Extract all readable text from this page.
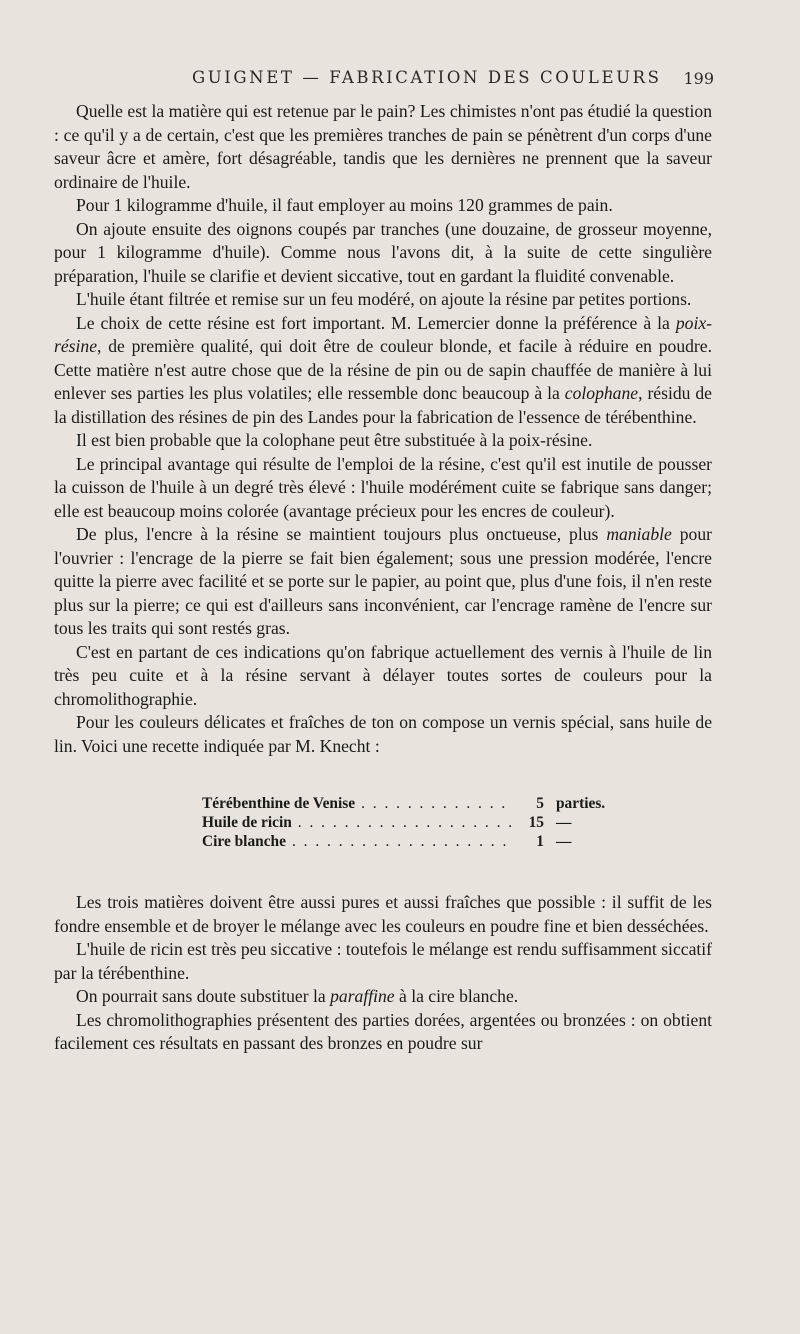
GUIGNET — FABRICATION DES COULEURS 199

Quelle est la matière qui est retenue par le pain? Les chimistes n'ont pas étudié la question : ce qu'il y a de certain, c'est que les premières tranches de pain se pénètrent d'un corps d'une saveur âcre et amère, fort désagréable, tandis que les dernières ne prennent que la saveur ordinaire de l'huile.

Pour 1 kilogramme d'huile, il faut employer au moins 120 grammes de pain.

On ajoute ensuite des oignons coupés par tranches (une douzaine, de grosseur moyenne, pour 1 kilogramme d'huile). Comme nous l'avons dit, à la suite de cette singulière préparation, l'huile se clarifie et devient siccative, tout en gardant la fluidité convenable.

L'huile étant filtrée et remise sur un feu modéré, on ajoute la résine par petites portions.

Le choix de cette résine est fort important. M. Lemercier donne la préférence à la poix-résine, de première qualité, qui doit être de couleur blonde, et facile à réduire en poudre. Cette matière n'est autre chose que de la résine de pin ou de sapin chauffée de manière à lui enlever ses parties les plus volatiles; elle ressemble donc beaucoup à la colophane, résidu de la distillation des résines de pin des Landes pour la fabrication de l'essence de térébenthine.

Il est bien probable que la colophane peut être substituée à la poix-résine.

Le principal avantage qui résulte de l'emploi de la résine, c'est qu'il est inutile de pousser la cuisson de l'huile à un degré très élevé : l'huile modérément cuite se fabrique sans danger; elle est beaucoup moins colorée (avantage précieux pour les encres de couleur).

De plus, l'encre à la résine se maintient toujours plus onctueuse, plus maniable pour l'ouvrier : l'encrage de la pierre se fait bien également; sous une pression modérée, l'encre quitte la pierre avec facilité et se porte sur le papier, au point que, plus d'une fois, il n'en reste plus sur la pierre; ce qui est d'ailleurs sans inconvénient, car l'encrage ramène de l'encre sur tous les traits qui sont restés gras.

C'est en partant de ces indications qu'on fabrique actuellement des vernis à l'huile de lin très peu cuite et à la résine servant à délayer toutes sortes de couleurs pour la chromolithographie.

Pour les couleurs délicates et fraîches de ton on compose un vernis spécial, sans huile de lin. Voici une recette indiquée par M. Knecht :

Térébenthine de Venise . . .	5 parties.
Huile de ricin . . .	15 —
Cire blanche . . .	1 —

Les trois matières doivent être aussi pures et aussi fraîches que possible : il suffit de les fondre ensemble et de broyer le mélange avec les couleurs en poudre fine et bien desséchées.

L'huile de ricin est très peu siccative : toutefois le mélange est rendu suffisamment siccatif par la térébenthine.

On pourrait sans doute substituer la paraffine à la cire blanche.

Les chromolithographies présentent des parties dorées, argentées ou bronzées : on obtient facilement ces résultats en passant des bronzes en poudre sur
